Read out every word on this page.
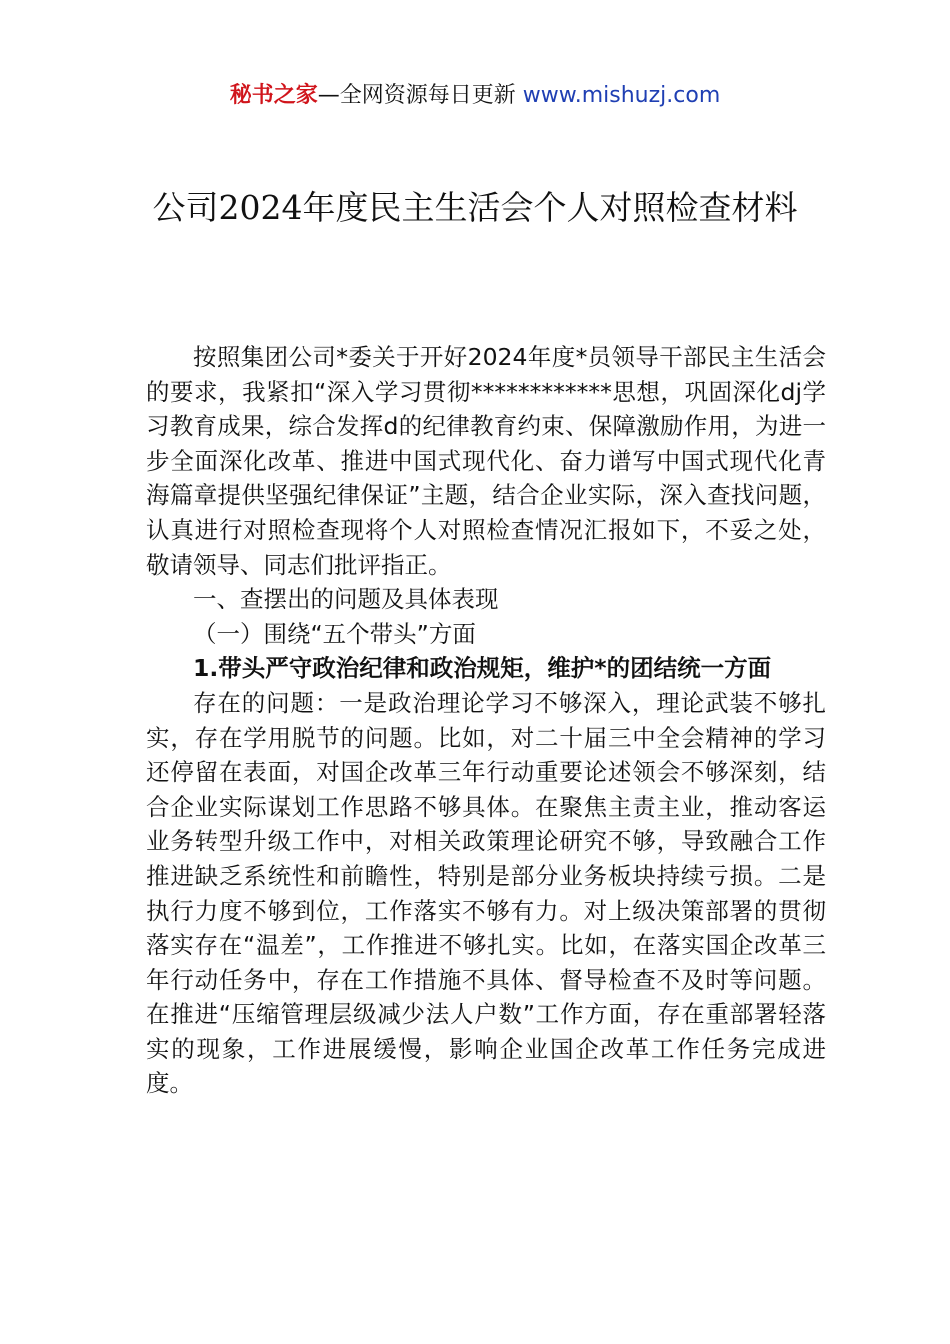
秘书之家—全网资源每日更新 www.mishuzj.com
公司2024年度民主生活会个人对照检查材料

按照集团公司*委关于开好2024年度*员领导干部民主生活会的要求，我紧扣“深入学习贯彻************思想，巩固深化dj学习教育成果，综合发挥d的纪律教育约束、保障激励作用，为进一步全面深化改革、推进中国式现代化、奋力谱写中国式现代化青海篇章提供坚强纪律保证”主题，结合企业实际，深入查找问题，认真进行对照检查现将个人对照检查情况汇报如下，不妥之处，敬请领导、同志们批评指正。

一、查摆出的问题及具体表现

（一）围绕“五个带头”方面

1.带头严守政治纪律和政治规矩，维护*的团结统一方面

存在的问题：一是政治理论学习不够深入，理论武装不够扎实，存在学用脱节的问题。比如，对二十届三中全会精神的学习还停留在表面，对国企改革三年行动重要论述领会不够深刻，结合企业实际谋划工作思路不够具体。在聚焦主责主业，推动客运业务转型升级工作中，对相关政策理论研究不够，导致融合工作推进缺乏系统性和前瞻性，特别是部分业务板块持续亏损。二是执行力度不够到位，工作落实不够有力。对上级决策部署的贯彻落实存在“温差”，工作推进不够扎实。比如，在落实国企改革三年行动任务中，存在工作措施不具体、督导检查不及时等问题。在推进“压缩管理层级减少法人户数”工作方面，存在重部署轻落实的现象，工作进展缓慢，影响企业国企改革工作任务完成进度。
